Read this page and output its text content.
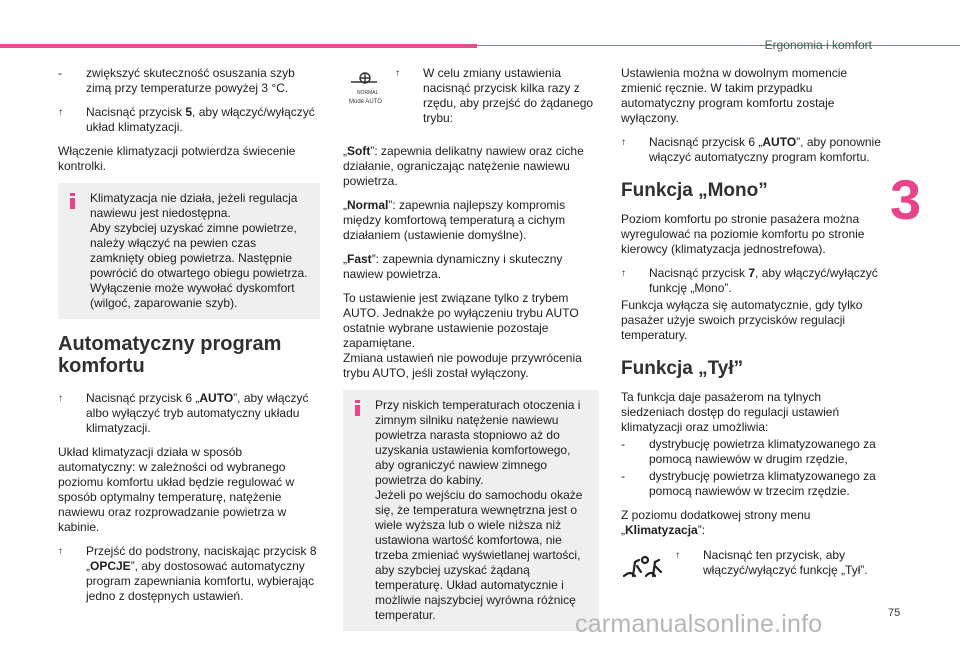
Ergonomia i komfort
3
- zwiększyć skuteczność osuszania szyb zimą przy temperaturze powyżej 3 °C.
↑ Nacisnąć przycisk 5, aby włączyć/wyłączyć układ klimatyzacji.

Włączenie klimatyzacji potwierdza świecenie kontrolki.

Klimatyzacja nie działa, jeżeli regulacja nawiewu jest niedostępna.
Aby szybciej uzyskać zimne powietrze, należy włączyć na pewien czas zamknięty obieg powietrza. Następnie powrócić do otwartego obiegu powietrza.
Wyłączenie może wywołać dyskomfort (wilgoć, zaparowanie szyb).
Automatyczny program komfortu
↑ Nacisnąć przycisk 6 „AUTO”, aby włączyć albo wyłączyć tryb automatyczny układu klimatyzacji.

Układ klimatyzacji działa w sposób automatyczny: w zależności od wybranego poziomu komfortu układ będzie regulować w sposób optymalny temperaturę, natężenie nawiewu oraz rozprowadzanie powietrza w kabinie.

↑ Przejść do podstrony, naciskając przycisk 8 „OPCJE”, aby dostosować automatyczny program zapewniania komfortu, wybierając jedno z dostępnych ustawień.
NORMAL
Mode AUTO
↑ W celu zmiany ustawienia nacisnąć przycisk kilka razy z rzędu, aby przejść do żądanego trybu:

„Soft”: zapewnia delikatny nawiew oraz ciche działanie, ograniczając natężenie nawiewu powietrza.

„Normal”: zapewnia najlepszy kompromis między komfortową temperaturą a cichym działaniem (ustawienie domyślne).

„Fast”: zapewnia dynamiczny i skuteczny nawiew powietrza.

To ustawienie jest związane tylko z trybem AUTO. Jednakże po wyłączeniu trybu AUTO ostatnie wybrane ustawienie pozostaje zapamiętane.
Zmiana ustawień nie powoduje przywrócenia trybu AUTO, jeśli został wyłączony.

Przy niskich temperaturach otoczenia i zimnym silniku natężenie nawiewu powietrza narasta stopniowo aż do uzyskania ustawienia komfortowego, aby ograniczyć nawiew zimnego powietrza do kabiny.
Jeżeli po wejściu do samochodu okaże się, że temperatura wewnętrzna jest o wiele wyższa lub o wiele niższa niż ustawiona wartość komfortowa, nie trzeba zmieniać wyświetlanej wartości, aby szybciej uzyskać żądaną temperaturę. Układ automatycznie i możliwie najszybciej wyrówna różnicę temperatur.

Ustawienia można w dowolnym momencie zmienić ręcznie. W takim przypadku automatyczny program komfortu zostaje wyłączony.

↑ Nacisnąć przycisk 6 „AUTO”, aby ponownie włączyć automatyczny program komfortu.
Funkcja „Mono”

Poziom komfortu po stronie pasażera można wyregulować na poziomie komfortu po stronie kierowcy (klimatyzacja jednostrefowa).

↑ Nacisnąć przycisk 7, aby włączyć/wyłączyć funkcję „Mono”.

Funkcja wyłącza się automatycznie, gdy tylko pasażer użyje swoich przycisków regulacji temperatury.

Funkcja „Tył”

Ta funkcja daje pasażerom na tylnych siedzeniach dostęp do regulacji ustawień klimatyzacji oraz umożliwia:

- dystrybucję powietrza klimatyzowanego za pomocą nawiewów w drugim rzędzie,
- dystrybucję powietrza klimatyzowanego za pomocą nawiewów w trzecim rzędzie.

Z poziomu dodatkowej strony menu „Klimatyzacja”:

↑ Nacisnąć ten przycisk, aby włączyć/wyłączyć funkcję „Tył”.
75
carmanualsonline.info
